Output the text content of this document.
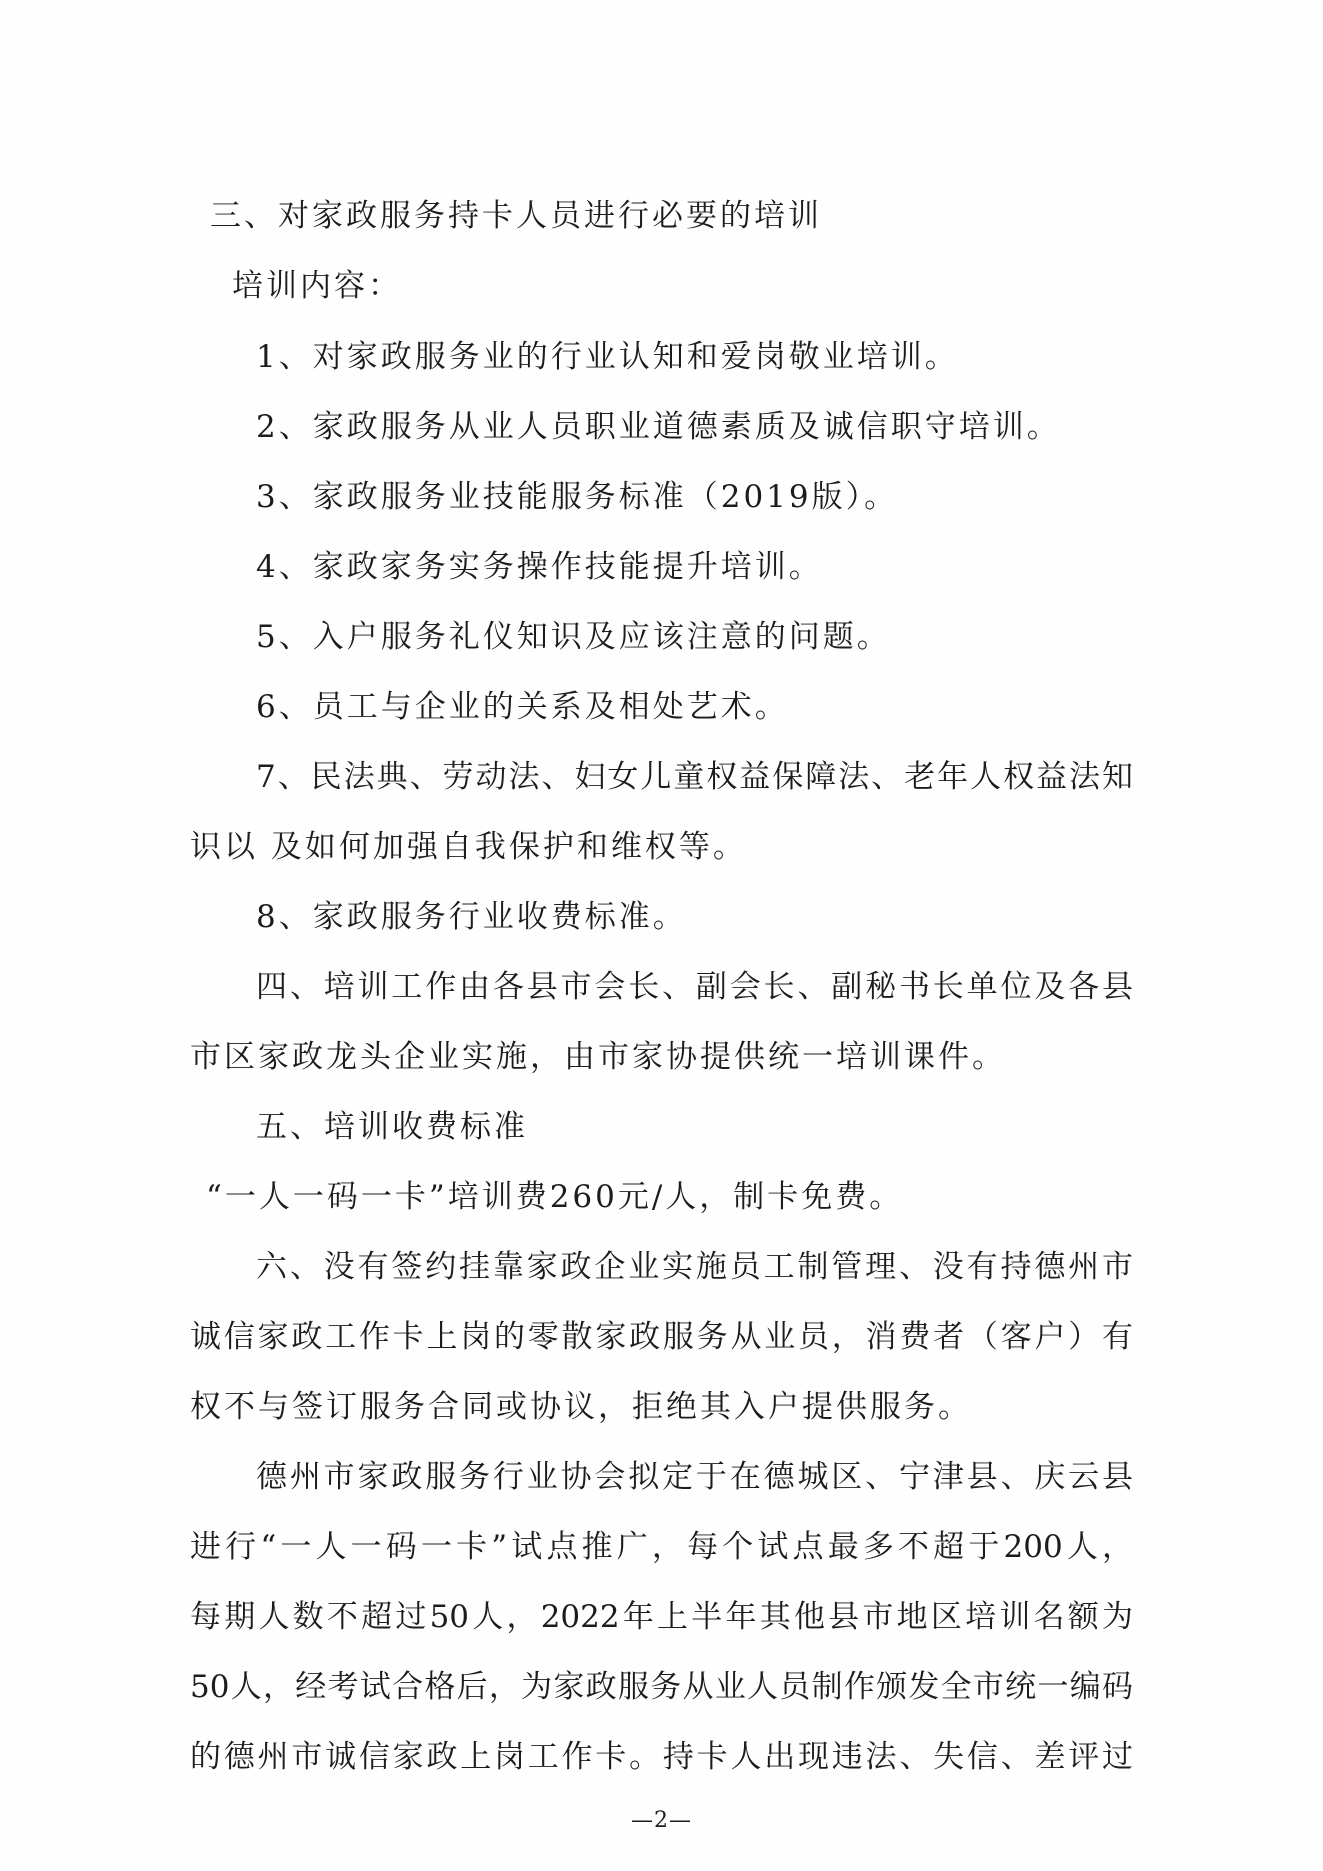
三、对家政服务持卡人员进行必要的培训
培训内容：
1、对家政服务业的行业认知和爱岗敬业培训。
2、家政服务从业人员职业道德素质及诚信职守培训。
3、家政服务业技能服务标准（2019版）。
4、家政家务实务操作技能提升培训。
5、入户服务礼仪知识及应该注意的问题。
6、员工与企业的关系及相处艺术。
7、民法典、劳动法、妇女儿童权益保障法、老年人权益法知
识以 及如何加强自我保护和维权等。
8、家政服务行业收费标准。
四、培训工作由各县市会长、副会长、副秘书长单位及各县
市区家政龙头企业实施，由市家协提供统一培训课件。
五、培训收费标准
“一人一码一卡”培训费260元/人，制卡免费。
六、没有签约挂靠家政企业实施员工制管理、没有持德州市
诚信家政工作卡上岗的零散家政服务从业员，消费者（客户）有
权不与签订服务合同或协议，拒绝其入户提供服务。
德州市家政服务行业协会拟定于在德城区、宁津县、庆云县
进行“一人一码一卡”试点推广，每个试点最多不超于200人，
每期人数不超过50人，2022年上半年其他县市地区培训名额为
50人，经考试合格后，为家政服务从业人员制作颁发全市统一编码
的德州市诚信家政上岗工作卡。持卡人出现违法、失信、差评过
—2—
